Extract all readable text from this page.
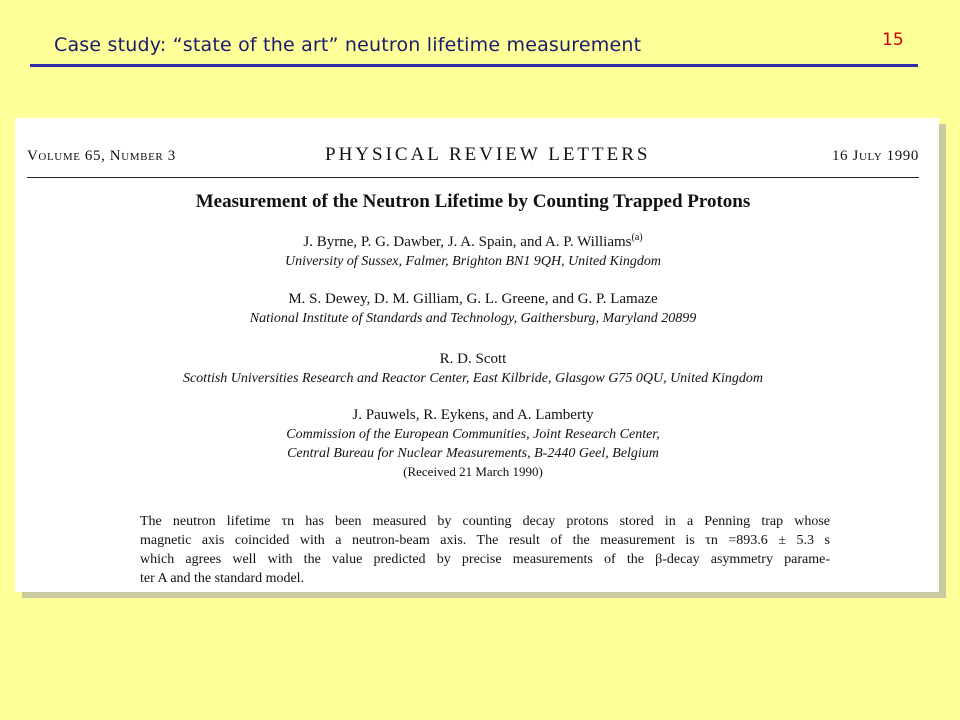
Case study: “state of the art” neutron lifetime measurement	15
Volume 65, Number 3	PHYSICAL REVIEW LETTERS	16 July 1990
Measurement of the Neutron Lifetime by Counting Trapped Protons
J. Byrne, P. G. Dawber, J. A. Spain, and A. P. Williams$^{(a)}$
University of Sussex, Falmer, Brighton BN1 9QH, United Kingdom
M. S. Dewey, D. M. Gilliam, G. L. Greene, and G. P. Lamaze
National Institute of Standards and Technology, Gaithersburg, Maryland 20899
R. D. Scott
Scottish Universities Research and Reactor Center, East Kilbride, Glasgow G75 0QU, United Kingdom
J. Pauwels, R. Eykens, and A. Lamberty
Commission of the European Communities, Joint Research Center,
Central Bureau for Nuclear Measurements, B-2440 Geel, Belgium
(Received 21 March 1990)
The neutron lifetime τn has been measured by counting decay protons stored in a Penning trap whose
magnetic axis coincided with a neutron-beam axis. The result of the measurement is τn =893.6 ± 5.3 s
which agrees well with the value predicted by precise measurements of the β-decay asymmetry parame-
ter A and the standard model.
